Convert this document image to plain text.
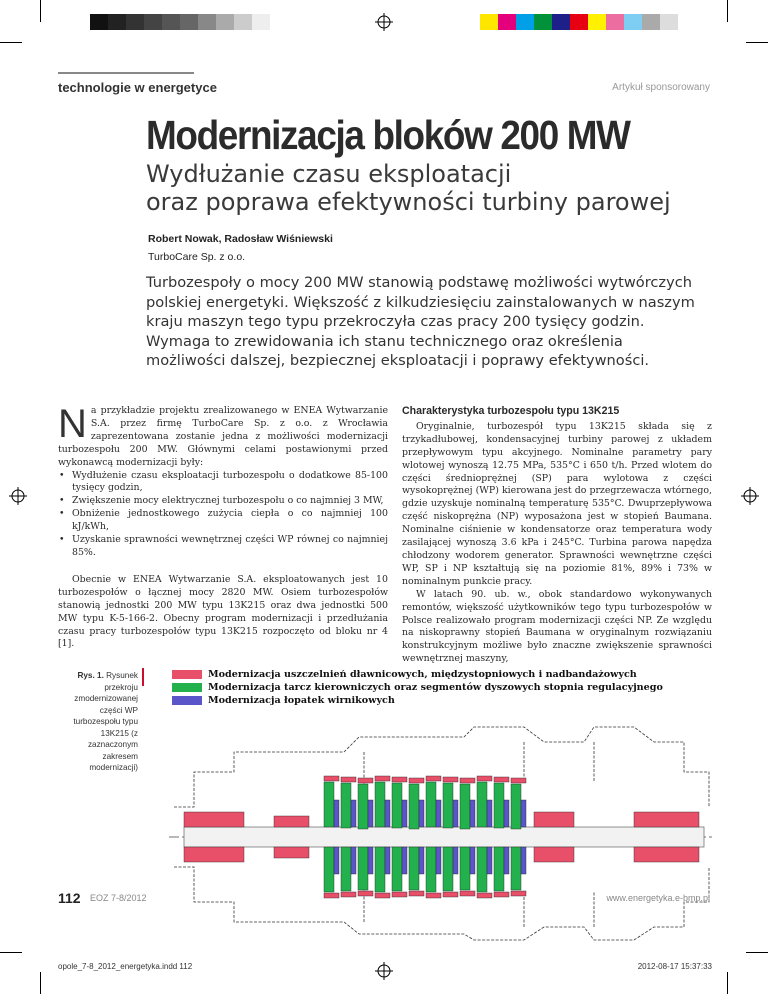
technologie w energetyce	Artykuł sponsorowany
Modernizacja bloków 200 MW
Wydłużanie czasu eksploatacji
oraz poprawa efektywności turbiny parowej
Robert Nowak, Radosław Wiśniewski
TurboCare Sp. z o.o.
Turbozespoły o mocy 200 MW stanowią podstawę możliwości wytwórczych polskiej energetyki. Większość z kilkudziesięciu zainstalowanych w naszym kraju maszyn tego typu przekroczyła czas pracy 200 tysięcy godzin. Wymaga to zrewidowania ich stanu technicznego oraz określenia możliwości dalszej, bezpiecznej eksploatacji i poprawy efektywności.

Na przykładzie projektu zrealizowanego w ENEA Wytwarzanie S.A. przez firmę TurboCare Sp. z o.o. z Wrocławia zaprezentowana zostanie jedna z możliwości modernizacji turbozespołu 200 MW. Głównymi celami postawionymi przed wykonawcą modernizacji były:

• Wydłużenie czasu eksploatacji turbozespołu o dodatkowe 85-100 tysięcy godzin,
• Zwiększenie mocy elektrycznej turbozespołu o co najmniej 3 MW,
• Obniżenie jednostkowego zużycia ciepła o co najmniej 100 kJ/kWh,
• Uzyskanie sprawności wewnętrznej części WP równej co najmniej 85%.

Obecnie w ENEA Wytwarzanie S.A. eksploatowanych jest 10 turbozespołów o łącznej mocy 2820 MW. Osiem turbozespołów stanowią jednostki 200 MW typu 13K215 oraz dwa jednostki 500 MW typu K-5-166-2. Obecny program modernizacji i przedłużania czasu pracy turbozespołów typu 13K215 rozpoczęto od bloku nr 4 [1].

Charakterystyka turbozespołu typu 13K215

Oryginalnie, turbozespół typu 13K215 składa się z trzykadłubowej, kondensacyjnej turbiny parowej z układem przepływowym typu akcyjnego. Nominalne parametry pary wlotowej wynoszą 12.75 MPa, 535°C i 650 t/h. Przed wlotem do części średnioprężnej (SP) para wylotowa z części wysokoprężnej (WP) kierowana jest do przegrzewacza wtórnego, gdzie uzyskuje nominalną temperaturę 535°C. Dwuprzepływowa część niskoprężna (NP) wyposażona jest w stopień Baumana. Nominalne ciśnienie w kondensatorze oraz temperatura wody zasilającej wynoszą 3.6 kPa i 245°C. Turbina parowa napędza chłodzony wodorem generator. Sprawności wewnętrzne części WP, SP i NP kształtują się na poziomie 81%, 89% i 73% w nominalnym punkcie pracy.

W latach 90. ub. w., obok standardowo wykonywanych remontów, większość użytkowników tego typu turbozespołów w Polsce realizowało program modernizacji części NP. Ze względu na niskoprawny stopień Baumana w oryginalnym rozwiązaniu konstrukcyjnym możliwe było znaczne zwiększenie sprawności wewnętrznej maszyny,

Rys. 1. Rysunek przekroju zmodernizowanej części WP turbozespołu typu 13K215 (z zaznaczonym zakresem modernizacji)
Modernizacja uszczelnień dławnicowych, międzystopniowych i nadbandażowych
Modernizacja tarcz kierowniczych oraz segmentów dyszowych stopnia regulacyjnego
Modernizacja łopatek wirnikowych
112 EOZ 7-8/2012	www.energetyka.e-bmp.pl
opole_7-8_2012_energetyka.indd 112	2012-08-17 15:37:33
